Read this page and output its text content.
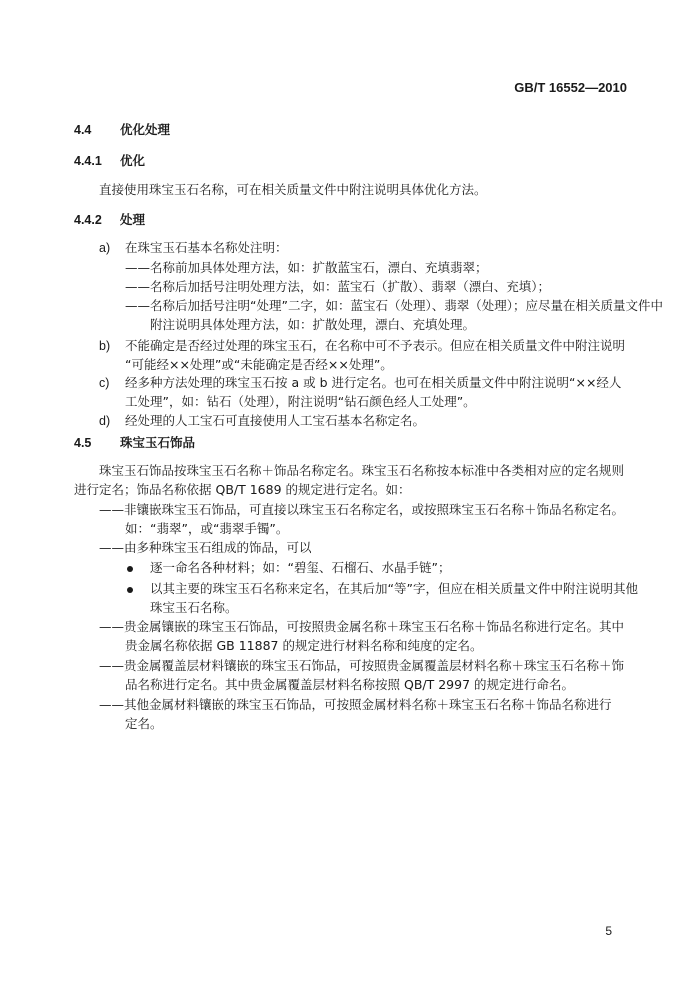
GB/T 16552—2010
4.4 优化处理
4.4.1 优化
直接使用珠宝玉石名称，可在相关质量文件中附注说明具体优化方法。
4.4.2 处理
a) 在珠宝玉石基本名称处注明：
——名称前加具体处理方法，如：扩散蓝宝石，漂白、充填翡翠；
——名称后加括号注明处理方法，如：蓝宝石（扩散）、翡翠（漂白、充填）；
——名称后加括号注明“处理”二字，如：蓝宝石（处理）、翡翠（处理）；应尽量在相关质量文件中
附注说明具体处理方法，如：扩散处理，漂白、充填处理。
b) 不能确定是否经过处理的珠宝玉石，在名称中可不予表示。但应在相关质量文件中附注说明
“可能经××处理”或“未能确定是否经××处理”。
c) 经多种方法处理的珠宝玉石按 a 或 b 进行定名。也可在相关质量文件中附注说明“××经人
工处理”，如：钻石（处理），附注说明“钻石颜色经人工处理”。
d) 经处理的人工宝石可直接使用人工宝石基本名称定名。
4.5 珠宝玉石饰品
珠宝玉石饰品按珠宝玉石名称＋饰品名称定名。珠宝玉石名称按本标准中各类相对应的定名规则
进行定名；饰品名称依据 QB/T 1689 的规定进行定名。如：
——非镶嵌珠宝玉石饰品，可直接以珠宝玉石名称定名，或按照珠宝玉石名称＋饰品名称定名。
如：“翡翠”，或“翡翠手镯”。
——由多种珠宝玉石组成的饰品，可以
逐一命名各种材料；如：“碧玺、石榴石、水晶手链”；
以其主要的珠宝玉石名称来定名，在其后加“等”字，但应在相关质量文件中附注说明其他
珠宝玉石名称。
——贵金属镶嵌的珠宝玉石饰品，可按照贵金属名称＋珠宝玉石名称＋饰品名称进行定名。其中
贵金属名称依据 GB 11887 的规定进行材料名称和纯度的定名。
——贵金属覆盖层材料镶嵌的珠宝玉石饰品，可按照贵金属覆盖层材料名称＋珠宝玉石名称＋饰
品名称进行定名。其中贵金属覆盖层材料名称按照 QB/T 2997 的规定进行命名。
——其他金属材料镶嵌的珠宝玉石饰品，可按照金属材料名称＋珠宝玉石名称＋饰品名称进行
定名。
5
